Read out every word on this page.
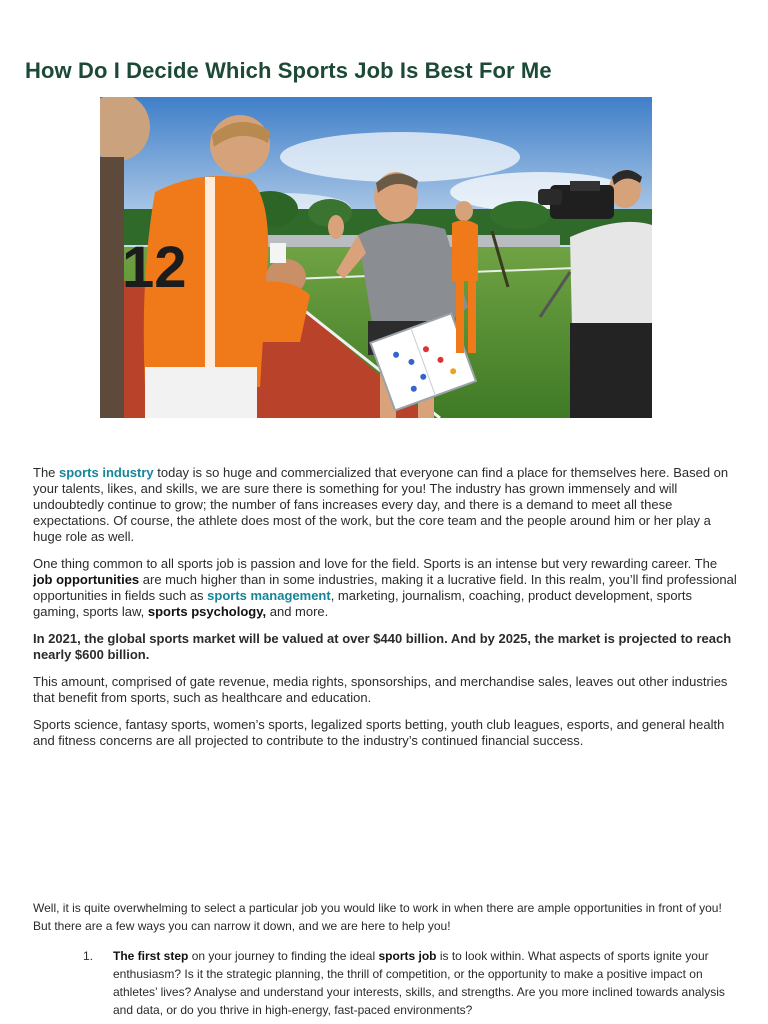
How Do I Decide Which Sports Job Is Best For Me
12

The sports industry today is so huge and commercialized that everyone can find a place for themselves here. Based on your talents, likes, and skills, we are sure there is something for you! The industry has grown immensely and will undoubtedly continue to grow; the number of fans increases every day, and there is a demand to meet all these expectations. Of course, the athlete does most of the work, but the core team and the people around him or her play a huge role as well.

One thing common to all sports job is passion and love for the field. Sports is an intense but very rewarding career. The job opportunities are much higher than in some industries, making it a lucrative field. In this realm, you’ll find professional opportunities in fields such as sports management, marketing, journalism, coaching, product development, sports gaming, sports law, sports psychology, and more.

In 2021, the global sports market will be valued at over $440 billion. And by 2025, the market is projected to reach nearly $600 billion.

This amount, comprised of gate revenue, media rights, sponsorships, and merchandise sales, leaves out other industries that benefit from sports, such as healthcare and education.

Sports science, fantasy sports, women’s sports, legalized sports betting, youth club leagues, esports, and general health and fitness concerns are all projected to contribute to the industry’s continued financial success.

Well, it is quite overwhelming to select a particular job you would like to work in when there are ample opportunities in front of you! But there are a few ways you can narrow it down, and we are here to help you!

1. The first step on your journey to finding the ideal sports job is to look within. What aspects of sports ignite your enthusiasm? Is it the strategic planning, the thrill of competition, or the opportunity to make a positive impact on athletes’ lives? Analyse and understand your interests, skills, and strengths. Are you more inclined towards analysis and data, or do you thrive in high-energy, fast-paced environments?
